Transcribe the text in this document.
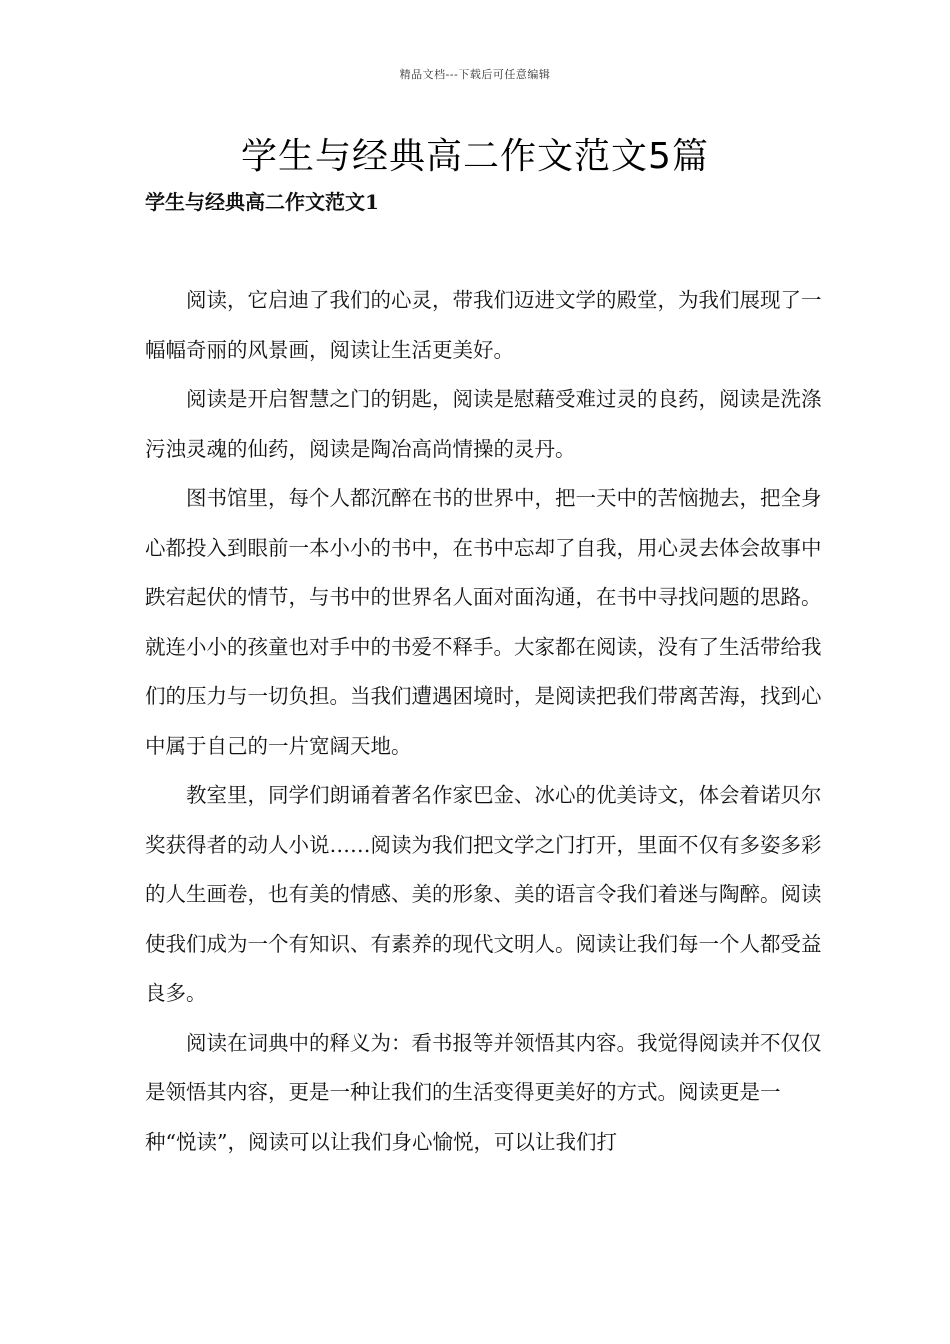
精品文档---下载后可任意编辑
学生与经典高二作文范文5篇
学生与经典高二作文范文1

阅读，它启迪了我们的心灵，带我们迈进文学的殿堂，为我们展现了一幅幅奇丽的风景画，阅读让生活更美好。

阅读是开启智慧之门的钥匙，阅读是慰藉受难过灵的良药，阅读是洗涤污浊灵魂的仙药，阅读是陶冶高尚情操的灵丹。

图书馆里，每个人都沉醉在书的世界中，把一天中的苦恼抛去，把全身心都投入到眼前一本小小的书中，在书中忘却了自我，用心灵去体会故事中跌宕起伏的情节，与书中的世界名人面对面沟通，在书中寻找问题的思路。就连小小的孩童也对手中的书爱不释手。大家都在阅读，没有了生活带给我们的压力与一切负担。当我们遭遇困境时，是阅读把我们带离苦海，找到心中属于自己的一片宽阔天地。

教室里，同学们朗诵着著名作家巴金、冰心的优美诗文，体会着诺贝尔奖获得者的动人小说……阅读为我们把文学之门打开，里面不仅有多姿多彩的人生画卷，也有美的情感、美的形象、美的语言令我们着迷与陶醉。阅读使我们成为一个有知识、有素养的现代文明人。阅读让我们每一个人都受益良多。

阅读在词典中的释义为：看书报等并领悟其内容。我觉得阅读并不仅仅是领悟其内容，更是一种让我们的生活变得更美好的方式。阅读更是一种“悦读”，阅读可以让我们身心愉悦，可以让我们打
